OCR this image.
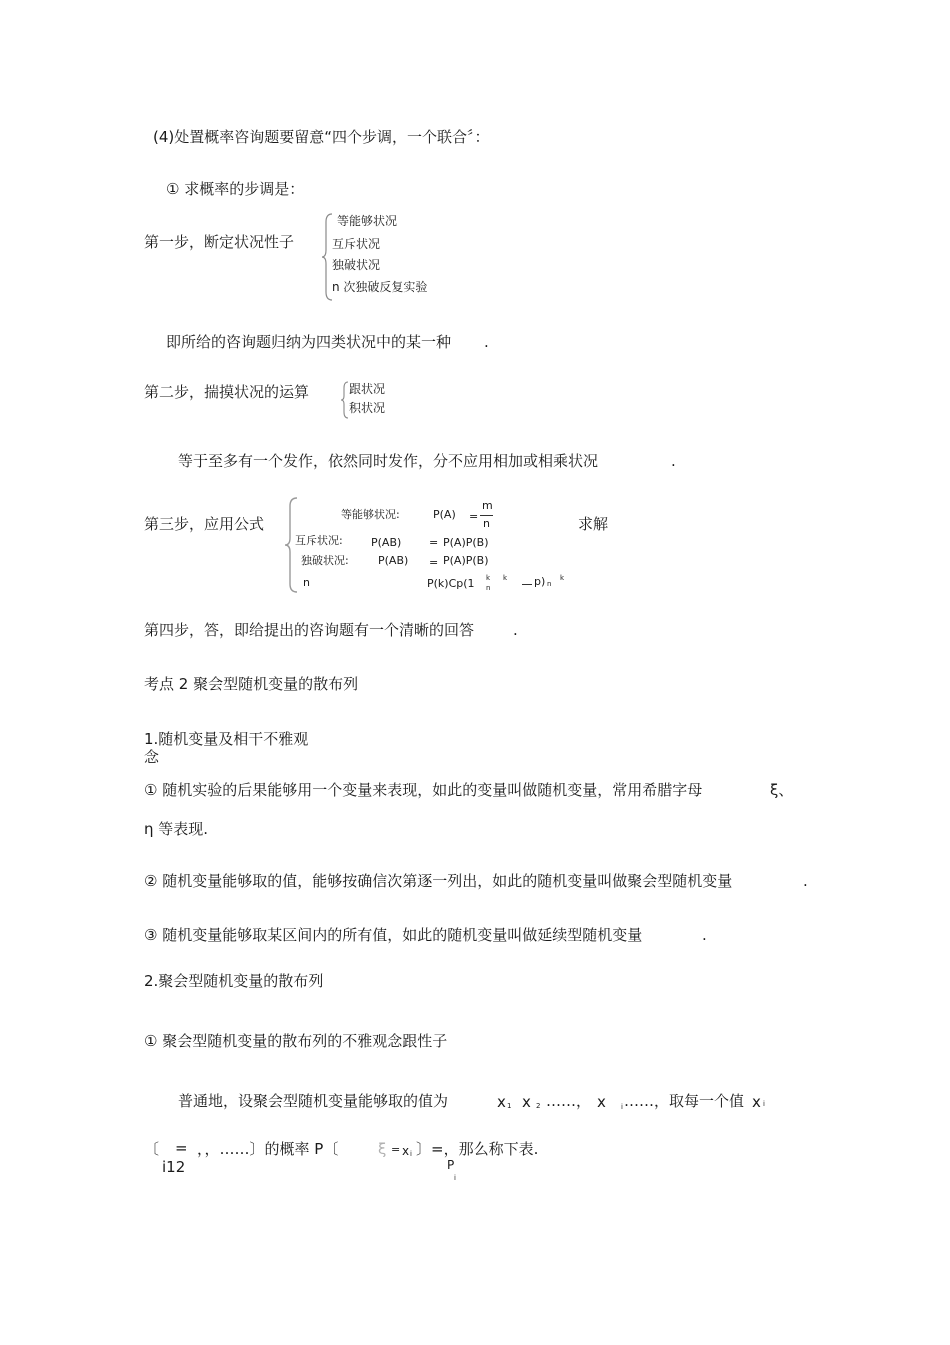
(4)处置概率咨询题要留意“四个步调，一个联合〞：
① 求概率的步调是：
第一步，断定状况性子
等能够状况
互斥状况
独破状况
n 次独破反复实验
即所给的咨询题归纳为四类状况中的某一种 .
第二步，揣摸状况的运算	跟状况
积状况
等于至多有一个发作，依然同时发作，分不应用相加或相乘状况	.
第三步，应用公式
等能够状况:	P(A) =
m
n	求解
互斥状况:	P(AB)	= P(A)P(B)
独破状况:	P(AB) = P(A)P(B)
n	P(k)Cp(1 k
n
k p) n
k
第四步，答，即给提出的咨询题有一个清晰的回答	.
考点 2 聚会型随机变量的散布列
1.随机变量及相干不雅观
念
① 随机实验的后果能够用一个变量来表现，如此的变量叫做随机变量，常用希腊字母	ξ、
η 等表现.
② 随机变量能够取的值，能够按确信次第逐一列出，如此的随机变量叫做聚会型随机变量	.
③ 随机变量能够取某区间内的所有值，如此的随机变量叫做延续型随机变量	.
2.聚会型随机变量的散布列
① 聚会型随机变量的散布列的不雅观念跟性子
普通地，设聚会型随机变量能够取的值为	x 1 x 2 ……， x i ……，取每一个值 x i
〔 = ，，……〕的概率 P〔	ξ = x i 〕=，那么称下表.
i12	P
i
